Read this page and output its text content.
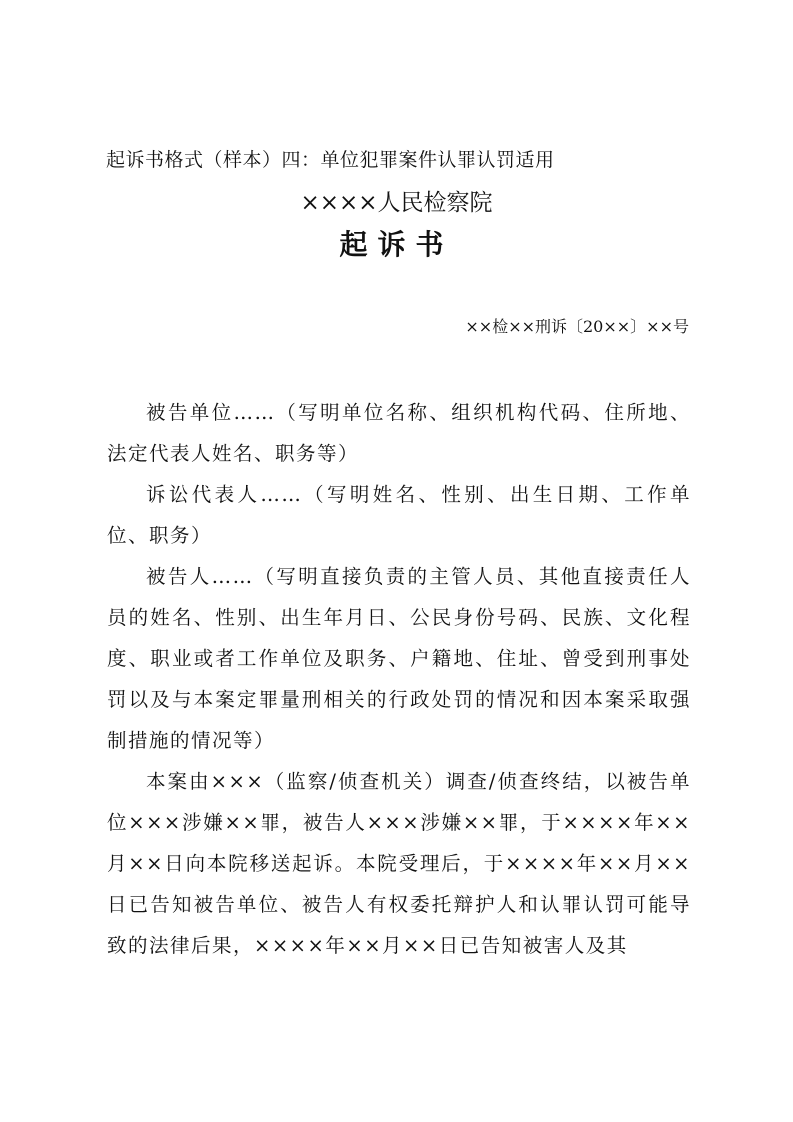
起诉书格式（样本）四：单位犯罪案件认罪认罚适用
××××人民检察院
起诉书
××检××刑诉〔20××〕××号

被告单位……（写明单位名称、组织机构代码、住所地、法定代表人姓名、职务等）

诉讼代表人……（写明姓名、性别、出生日期、工作单位、职务）

被告人……（写明直接负责的主管人员、其他直接责任人员的姓名、性别、出生年月日、公民身份号码、民族、文化程度、职业或者工作单位及职务、户籍地、住址、曾受到刑事处罚以及与本案定罪量刑相关的行政处罚的情况和因本案采取强制措施的情况等）

本案由×××（监察/侦查机关）调查/侦查终结，以被告单位×××涉嫌××罪，被告人×××涉嫌××罪，于××××年××月××日向本院移送起诉。本院受理后，于××××年××月××日已告知被告单位、被告人有权委托辩护人和认罪认罚可能导致的法律后果，××××年××月××日已告知被害人及其
